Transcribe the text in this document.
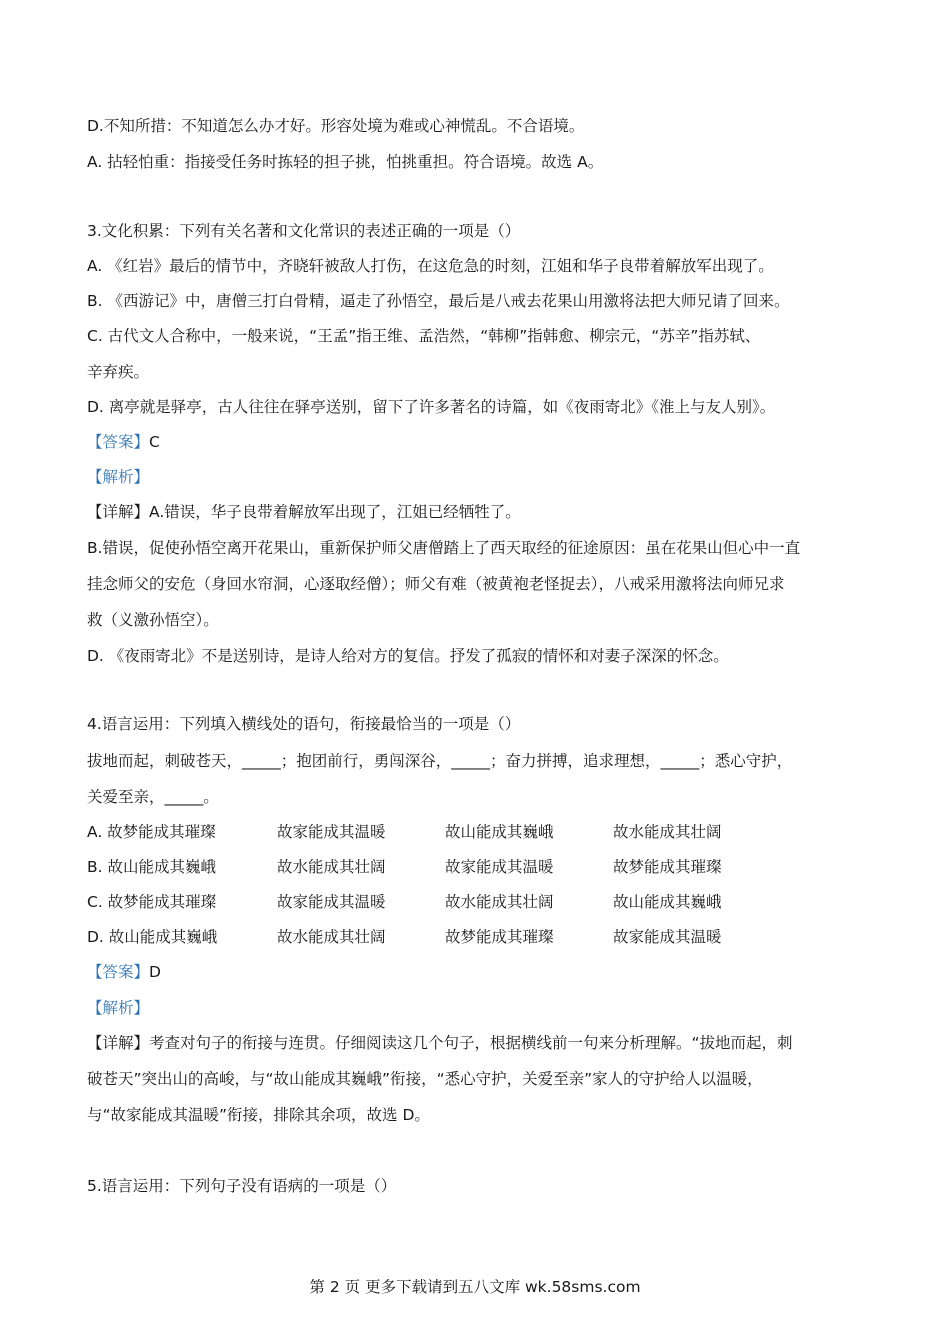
D.不知所措：不知道怎么办才好。形容处境为难或心神慌乱。不合语境。
A. 拈轻怕重：指接受任务时拣轻的担子挑，怕挑重担。符合语境。故选 A。
3.文化积累：下列有关名著和文化常识的表述正确的一项是（）
A. 《红岩》最后的情节中，齐晓轩被敌人打伤，在这危急的时刻，江姐和华子良带着解放军出现了。
B. 《西游记》中，唐僧三打白骨精，逼走了孙悟空，最后是八戒去花果山用激将法把大师兄请了回来。
C. 古代文人合称中，一般来说，“王孟”指王维、孟浩然，“韩柳”指韩愈、柳宗元，“苏辛”指苏轼、
辛弃疾。
D. 离亭就是驿亭，古人往往在驿亭送别，留下了许多著名的诗篇，如《夜雨寄北》《淮上与友人别》。
【答案】C
【解析】
【详解】A.错误，华子良带着解放军出现了，江姐已经牺牲了。
B.错误，促使孙悟空离开花果山，重新保护师父唐僧踏上了西天取经的征途原因：虽在花果山但心中一直
挂念师父的安危（身回水帘洞，心逐取经僧）；师父有难（被黄袍老怪捉去），八戒采用激将法向师兄求
救（义激孙悟空）。
D. 《夜雨寄北》不是送别诗，是诗人给对方的复信。抒发了孤寂的情怀和对妻子深深的怀念。
4.语言运用：下列填入横线处的语句，衔接最恰当的一项是（）
拔地而起，刺破苍天，_____；抱团前行，勇闯深谷，_____；奋力拼搏，追求理想，_____；悉心守护，
关爱至亲，_____。
A. 故梦能成其璀璨	故家能成其温暖	故山能成其巍峨	故水能成其壮阔
B. 故山能成其巍峨	故水能成其壮阔	故家能成其温暖	故梦能成其璀璨
C. 故梦能成其璀璨	故家能成其温暖	故水能成其壮阔	故山能成其巍峨
D. 故山能成其巍峨	故水能成其壮阔	故梦能成其璀璨	故家能成其温暖
【答案】D
【解析】
【详解】考查对句子的衔接与连贯。仔细阅读这几个句子，根据横线前一句来分析理解。“拔地而起，刺
破苍天”突出山的高峻，与“故山能成其巍峨”衔接，“悉心守护，关爱至亲”家人的守护给人以温暖，
与“故家能成其温暖”衔接，排除其余项，故选 D。
5.语言运用：下列句子没有语病的一项是（）
第 2 页 更多下载请到五八文库 wk.58sms.com
